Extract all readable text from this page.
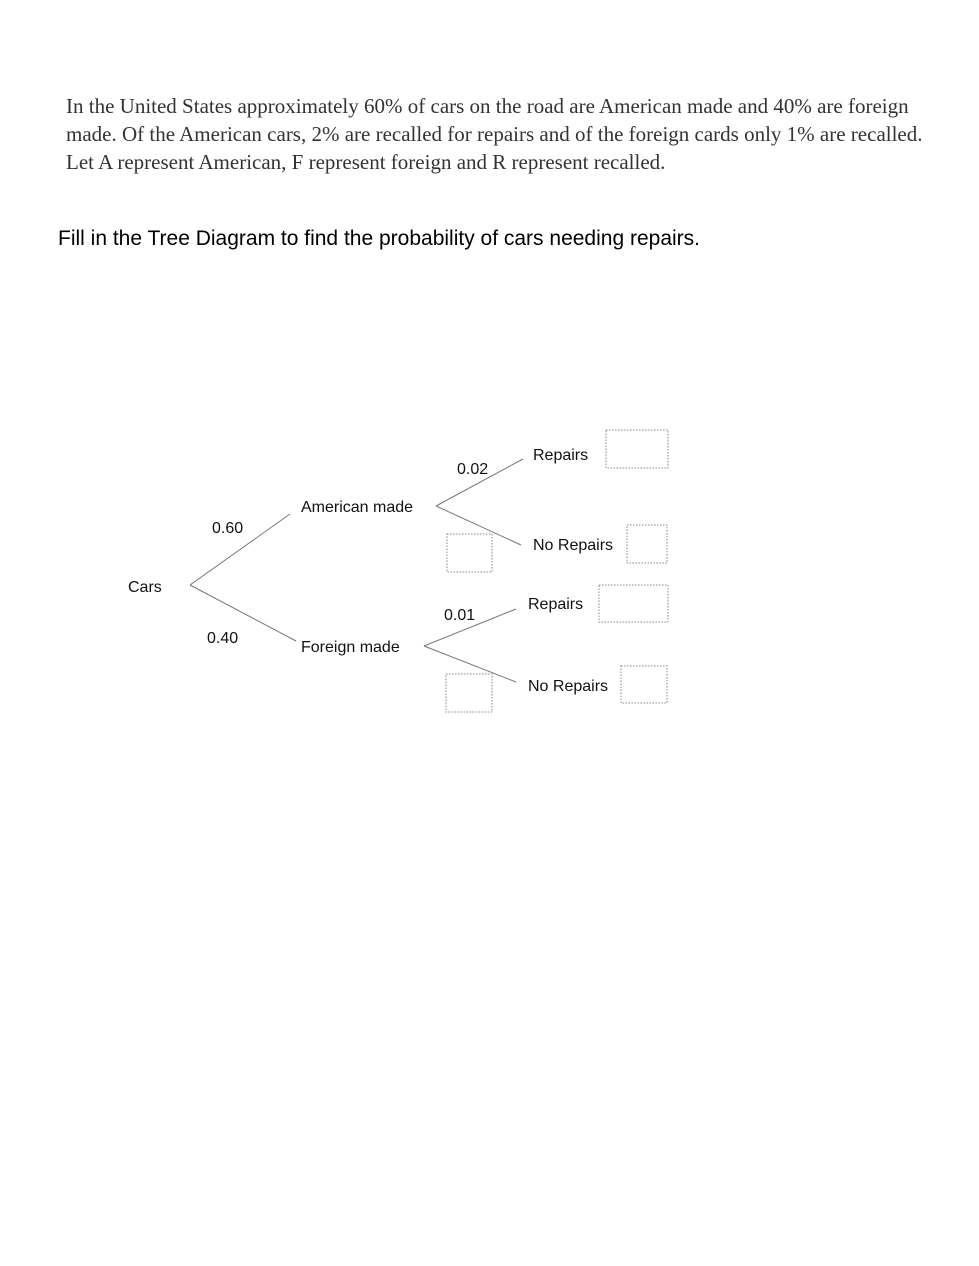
In the United States approximately 60% of cars on the road are American made and 40% are foreign made. Of the American cars, 2% are recalled for repairs and of the foreign cards only 1% are recalled. Let A represent American, F represent foreign and R represent recalled.

Fill in the Tree Diagram to find the probability of cars needing repairs.

Cars
0.60
American made
0.40
Foreign made
0.02
Repairs
No Repairs
0.01
Repairs
No Repairs
